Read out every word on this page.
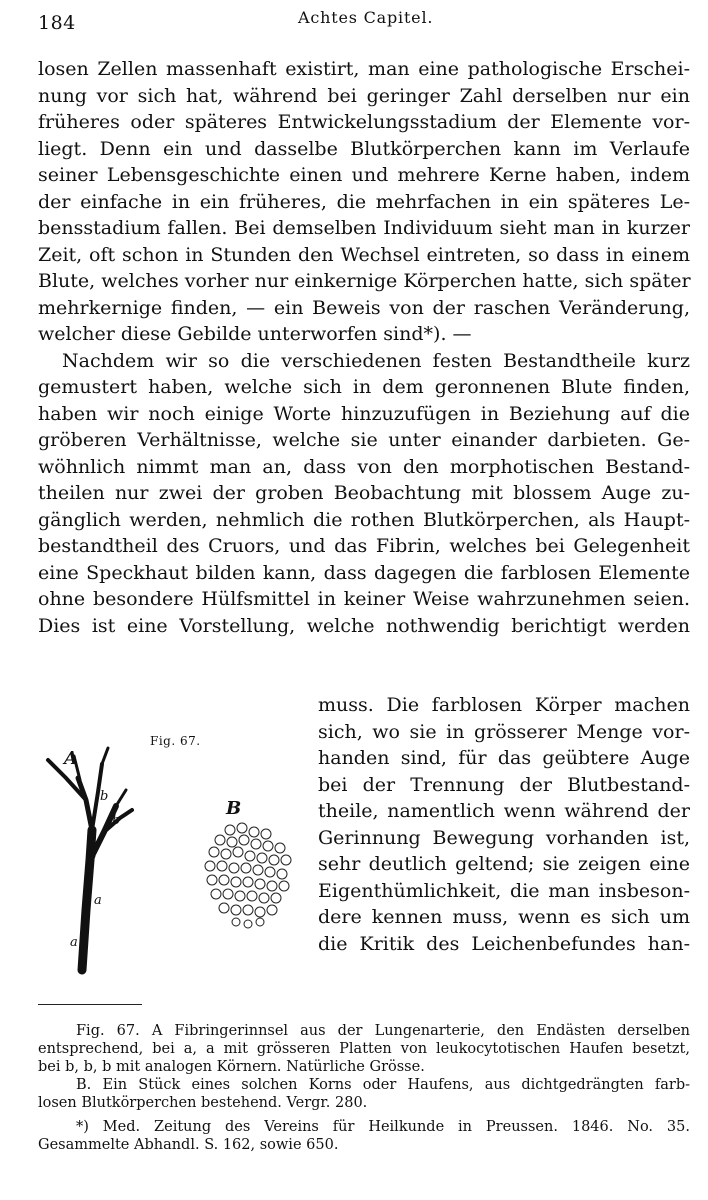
184	Achtes Capitel.
losen Zellen massenhaft existirt, man eine pathologische Erschei-
nung vor sich hat, während bei geringer Zahl derselben nur ein
früheres oder späteres Entwickelungsstadium der Elemente vor-
liegt. Denn ein und dasselbe Blutkörperchen kann im Verlaufe
seiner Lebensgeschichte einen und mehrere Kerne haben, indem
der einfache in ein früheres, die mehrfachen in ein späteres Le-
bensstadium fallen. Bei demselben Individuum sieht man in kurzer
Zeit, oft schon in Stunden den Wechsel eintreten, so dass in einem
Blute, welches vorher nur einkernige Körperchen hatte, sich später
mehrkernige finden, — ein Beweis von der raschen Veränderung,
welcher diese Gebilde unterworfen sind*). —
Nachdem wir so die verschiedenen festen Bestandtheile kurz
gemustert haben, welche sich in dem geronnenen Blute finden,
haben wir noch einige Worte hinzuzufügen in Beziehung auf die
gröberen Verhältnisse, welche sie unter einander darbieten. Ge-
wöhnlich nimmt man an, dass von den morphotischen Bestand-
theilen nur zwei der groben Beobachtung mit blossem Auge zu-
gänglich werden, nehmlich die rothen Blutkörperchen, als Haupt-
bestandtheil des Cruors, und das Fibrin, welches bei Gelegenheit
eine Speckhaut bilden kann, dass dagegen die farblosen Elemente
ohne besondere Hülfsmittel in keiner Weise wahrzunehmen seien.
Dies ist eine Vorstellung, welche nothwendig berichtigt werden
muss. Die farblosen Körper machen
sich, wo sie in grösserer Menge vor-
handen sind, für das geübtere Auge
bei der Trennung der Blutbestand-
theile, namentlich wenn während der
Gerinnung Bewegung vorhanden ist,
sehr deutlich geltend; sie zeigen eine
Eigenthümlichkeit, die man insbeson-
dere kennen muss, wenn es sich um
die Kritik des Leichenbefundes han-
A
B
b
b
b
a
a
Fig. 67.
Fig. 67. A Fibringerinnsel aus der Lungenarterie, den Endästen derselben
entsprechend, bei a, a mit grösseren Platten von leukocytotischen Haufen besetzt,
bei b, b, b mit analogen Körnern. Natürliche Grösse.
B. Ein Stück eines solchen Korns oder Haufens, aus dichtgedrängten farb-
losen Blutkörperchen bestehend. Vergr. 280.
*) Med. Zeitung des Vereins für Heilkunde in Preussen. 1846. No. 35.
Gesammelte Abhandl. S. 162, sowie 650.
